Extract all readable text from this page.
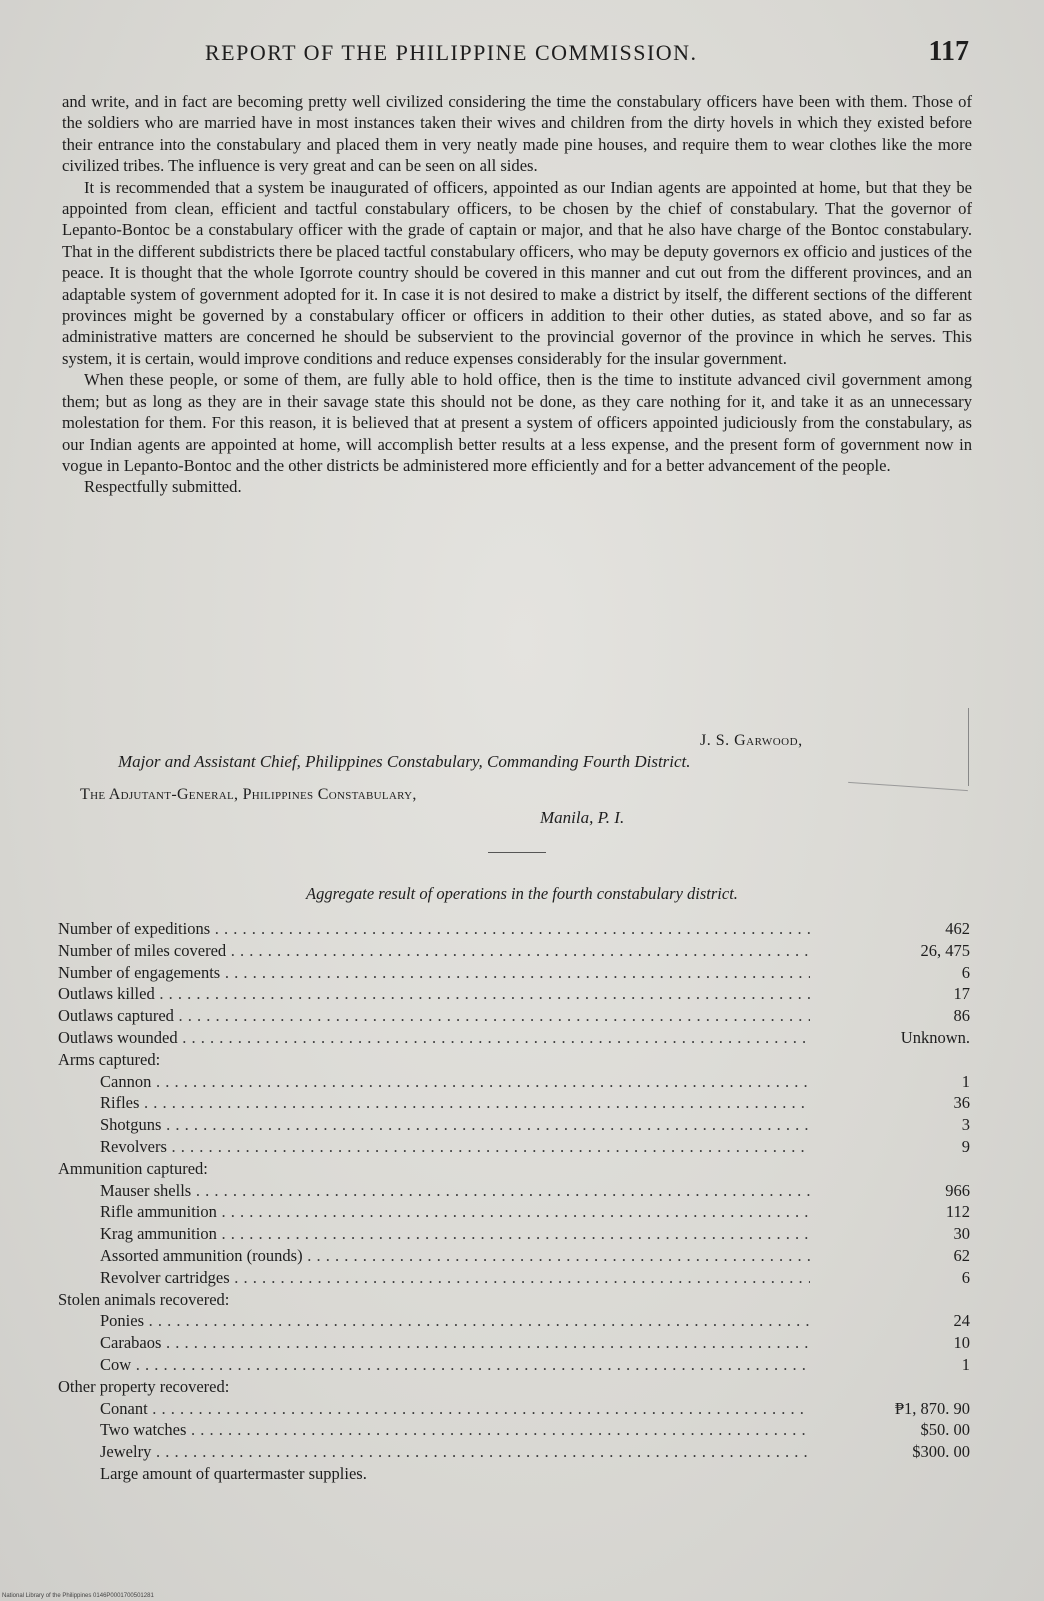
REPORT OF THE PHILIPPINE COMMISSION.	117

and write, and in fact are becoming pretty well civilized considering the time the constabulary officers have been with them. Those of the soldiers who are married have in most instances taken their wives and children from the dirty hovels in which they existed before their entrance into the constabulary and placed them in very neatly made pine houses, and require them to wear clothes like the more civilized tribes. The influence is very great and can be seen on all sides.

It is recommended that a system be inaugurated of officers, appointed as our Indian agents are appointed at home, but that they be appointed from clean, efficient and tactful constabulary officers, to be chosen by the chief of constabulary. That the governor of Lepanto-Bontoc be a constabulary officer with the grade of captain or major, and that he also have charge of the Bontoc constabulary. That in the different subdistricts there be placed tactful constabulary officers, who may be deputy governors ex officio and justices of the peace. It is thought that the whole Igorrote country should be covered in this manner and cut out from the different provinces, and an adaptable system of government adopted for it. In case it is not desired to make a district by itself, the different sections of the different provinces might be governed by a constabulary officer or officers in addition to their other duties, as stated above, and so far as administrative matters are concerned he should be subservient to the provincial governor of the province in which he serves. This system, it is certain, would improve conditions and reduce expenses considerably for the insular government.

When these people, or some of them, are fully able to hold office, then is the time to institute advanced civil government among them; but as long as they are in their savage state this should not be done, as they care nothing for it, and take it as an unnecessary molestation for them. For this reason, it is believed that at present a system of officers appointed judiciously from the constabulary, as our Indian agents are appointed at home, will accomplish better results at a less expense, and the present form of government now in vogue in Lepanto-Bontoc and the other districts be administered more efficiently and for a better advancement of the people.

Respectfully submitted.

J. S. Garwood,
Major and Assistant Chief, Philippines Constabulary, Commanding Fourth District.
The Adjutant-General, Philippines Constabulary,
Manila, P. I.
Aggregate result of operations in the fourth constabulary district.
Number of expeditions . . .	462
Number of miles covered . . .	26, 475
Number of engagements . . .	6
Outlaws killed . . .	17
Outlaws captured . . .	86
Outlaws wounded . . .	Unknown.
Arms captured:
Cannon . . .	1
Rifles . . .	36
Shotguns . . .	3
Revolvers . . .	9
Ammunition captured:
Mauser shells . . .	966
Rifle ammunition . . .	112
Krag ammunition . . .	30
Assorted ammunition (rounds) . . .	62
Revolver cartridges . . .	6
Stolen animals recovered:
Ponies . . .	24
Carabaos . . .	10
Cow . . .	1
Other property recovered:
Conant . . .	₱1, 870. 90
Two watches . . .	$50. 00
Jewelry . . .	$300. 00
Large amount of quartermaster supplies.
National Library of the Philippines 0146P0001700501281
